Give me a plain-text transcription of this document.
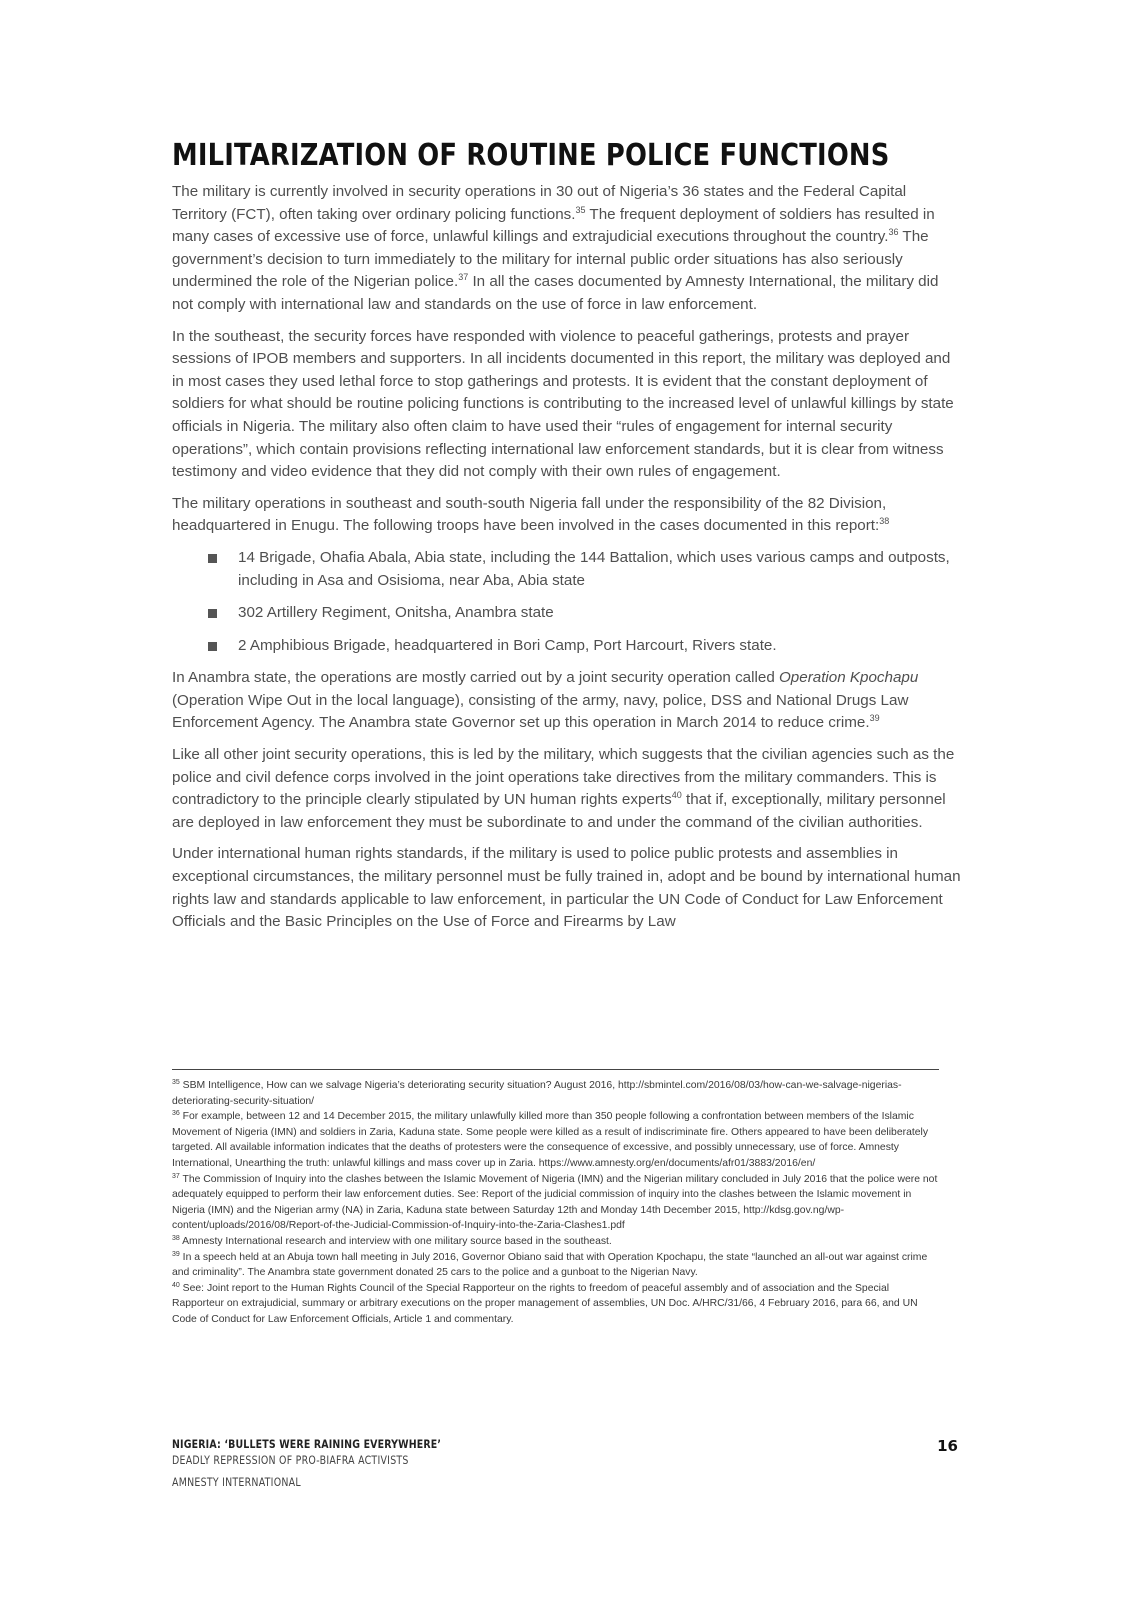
MILITARIZATION OF ROUTINE POLICE FUNCTIONS

The military is currently involved in security operations in 30 out of Nigeria’s 36 states and the Federal Capital Territory (FCT), often taking over ordinary policing functions.$^{35}$ The frequent deployment of soldiers has resulted in many cases of excessive use of force, unlawful killings and extrajudicial executions throughout the country.$^{36}$ The government’s decision to turn immediately to the military for internal public order situations has also seriously undermined the role of the Nigerian police.$^{37}$ In all the cases documented by Amnesty International, the military did not comply with international law and standards on the use of force in law enforcement.

In the southeast, the security forces have responded with violence to peaceful gatherings, protests and prayer sessions of IPOB members and supporters. In all incidents documented in this report, the military was deployed and in most cases they used lethal force to stop gatherings and protests. It is evident that the constant deployment of soldiers for what should be routine policing functions is contributing to the increased level of unlawful killings by state officials in Nigeria. The military also often claim to have used their “rules of engagement for internal security operations”, which contain provisions reflecting international law enforcement standards, but it is clear from witness testimony and video evidence that they did not comply with their own rules of engagement.

The military operations in southeast and south-south Nigeria fall under the responsibility of the 82 Division, headquartered in Enugu. The following troops have been involved in the cases documented in this report:$^{38}$

14 Brigade, Ohafia Abala, Abia state, including the 144 Battalion, which uses various camps and outposts, including in Asa and Osisioma, near Aba, Abia state
302 Artillery Regiment, Onitsha, Anambra state
2 Amphibious Brigade, headquartered in Bori Camp, Port Harcourt, Rivers state.

In Anambra state, the operations are mostly carried out by a joint security operation called Operation Kpochapu (Operation Wipe Out in the local language), consisting of the army, navy, police, DSS and National Drugs Law Enforcement Agency. The Anambra state Governor set up this operation in March 2014 to reduce crime.$^{39}$

Like all other joint security operations, this is led by the military, which suggests that the civilian agencies such as the police and civil defence corps involved in the joint operations take directives from the military commanders. This is contradictory to the principle clearly stipulated by UN human rights experts$^{40}$ that if, exceptionally, military personnel are deployed in law enforcement they must be subordinate to and under the command of the civilian authorities.

Under international human rights standards, if the military is used to police public protests and assemblies in exceptional circumstances, the military personnel must be fully trained in, adopt and be bound by international human rights law and standards applicable to law enforcement, in particular the UN Code of Conduct for Law Enforcement Officials and the Basic Principles on the Use of Force and Firearms by Law

$^{35}$ SBM Intelligence, How can we salvage Nigeria’s deteriorating security situation? August 2016, http://sbmintel.com/2016/08/03/how-can-we-salvage-nigerias-deteriorating-security-situation/

$^{36}$ For example, between 12 and 14 December 2015, the military unlawfully killed more than 350 people following a confrontation between members of the Islamic Movement of Nigeria (IMN) and soldiers in Zaria, Kaduna state. Some people were killed as a result of indiscriminate fire. Others appeared to have been deliberately targeted. All available information indicates that the deaths of protesters were the consequence of excessive, and possibly unnecessary, use of force. Amnesty International, Unearthing the truth: unlawful killings and mass cover up in Zaria. https://www.amnesty.org/en/documents/afr01/3883/2016/en/

$^{37}$ The Commission of Inquiry into the clashes between the Islamic Movement of Nigeria (IMN) and the Nigerian military concluded in July 2016 that the police were not adequately equipped to perform their law enforcement duties. See: Report of the judicial commission of inquiry into the clashes between the Islamic movement in Nigeria (IMN) and the Nigerian army (NA) in Zaria, Kaduna state between Saturday 12th and Monday 14th December 2015, http://kdsg.gov.ng/wp-content/uploads/2016/08/Report-of-the-Judicial-Commission-of-Inquiry-into-the-Zaria-Clashes1.pdf

$^{38}$ Amnesty International research and interview with one military source based in the southeast.

$^{39}$ In a speech held at an Abuja town hall meeting in July 2016, Governor Obiano said that with Operation Kpochapu, the state “launched an all-out war against crime and criminality”. The Anambra state government donated 25 cars to the police and a gunboat to the Nigerian Navy.

$^{40}$ See: Joint report to the Human Rights Council of the Special Rapporteur on the rights to freedom of peaceful assembly and of association and the Special Rapporteur on extrajudicial, summary or arbitrary executions on the proper management of assemblies, UN Doc. A/HRC/31/66, 4 February 2016, para 66, and UN Code of Conduct for Law Enforcement Officials, Article 1 and commentary.

NIGERIA: ‘BULLETS WERE RAINING EVERYWHERE’
DEADLY REPRESSION OF PRO-BIAFRA ACTIVISTS
AMNESTY INTERNATIONAL
16
